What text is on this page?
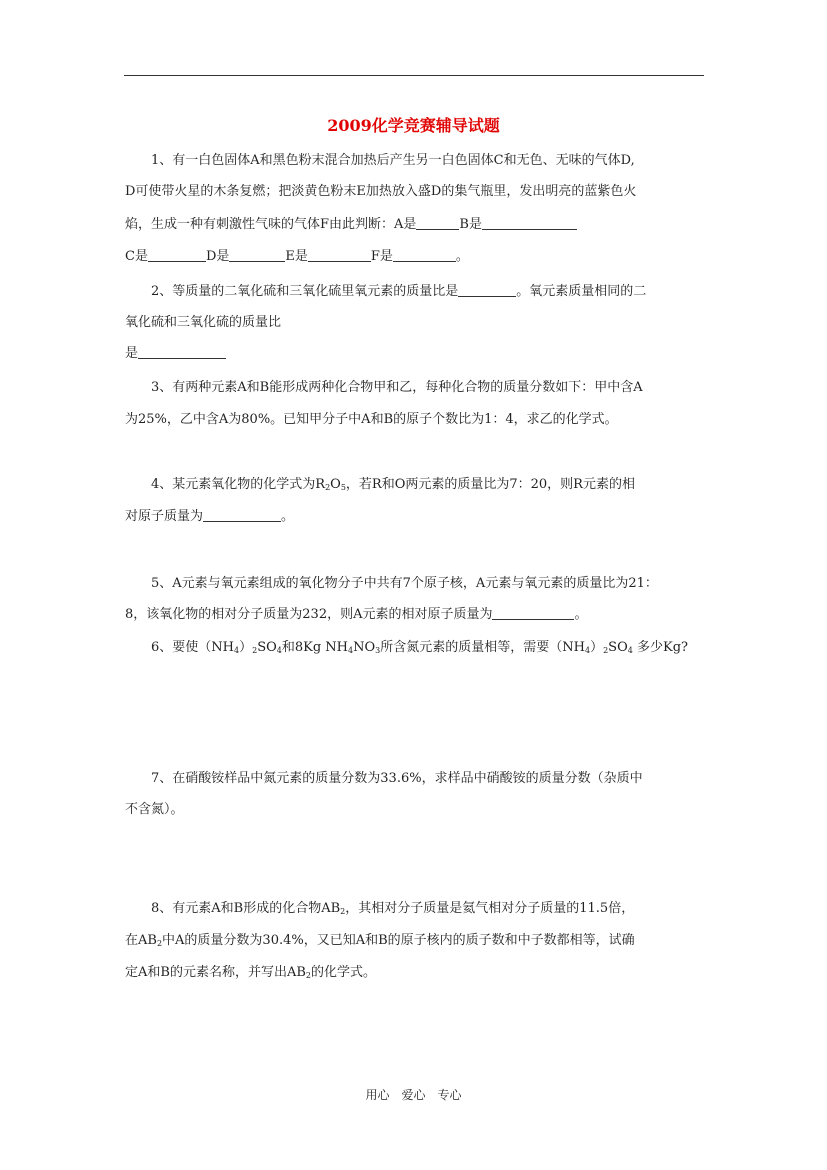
2009化学竞赛辅导试题
1、有一白色固体A和黑色粉末混合加热后产生另一白色固体C和无色、无味的气体D,
D可使带火星的木条复燃；把淡黄色粉末E加热放入盛D的集气瓶里，发出明亮的蓝紫色火
焰，生成一种有刺激性气味的气体F由此判断：A是	B是
C是	D是	E是	F是	。
2、等质量的二氧化硫和三氧化硫里氧元素的质量比是	。氧元素质量相同的二
氧化硫和三氧化硫的质量比
是
3、有两种元素A和B能形成两种化合物甲和乙，每种化合物的质量分数如下：甲中含A
为25%，乙中含A为80%。已知甲分子中A和B的原子个数比为1：4，求乙的化学式。
4、某元素氧化物的化学式为$R_2O_5$，若R和O两元素的质量比为7：20，则R元素的相
对原子质量为	。
5、A元素与氧元素组成的氧化物分子中共有7个原子核，A元素与氧元素的质量比为21：
8，该氧化物的相对分子质量为232，则A元素的相对原子质量为	。
6、要使$(NH_4)_2SO_4$和8Kg $NH_4NO_3$所含氮元素的质量相等，需要$(NH_4)_2SO_4$ 多少Kg?
7、在硝酸铵样品中氮元素的质量分数为33.6%，求样品中硝酸铵的质量分数（杂质中
不含氮）。
8、有元素A和B形成的化合物$AB_2$，其相对分子质量是氦气相对分子质量的11.5倍，
在$AB_2$中A的质量分数为30.4%，又已知A和B的原子核内的质子数和中子数都相等，试确
定A和B的元素名称，并写出$AB_2$的化学式。
用心　爱心　专心
